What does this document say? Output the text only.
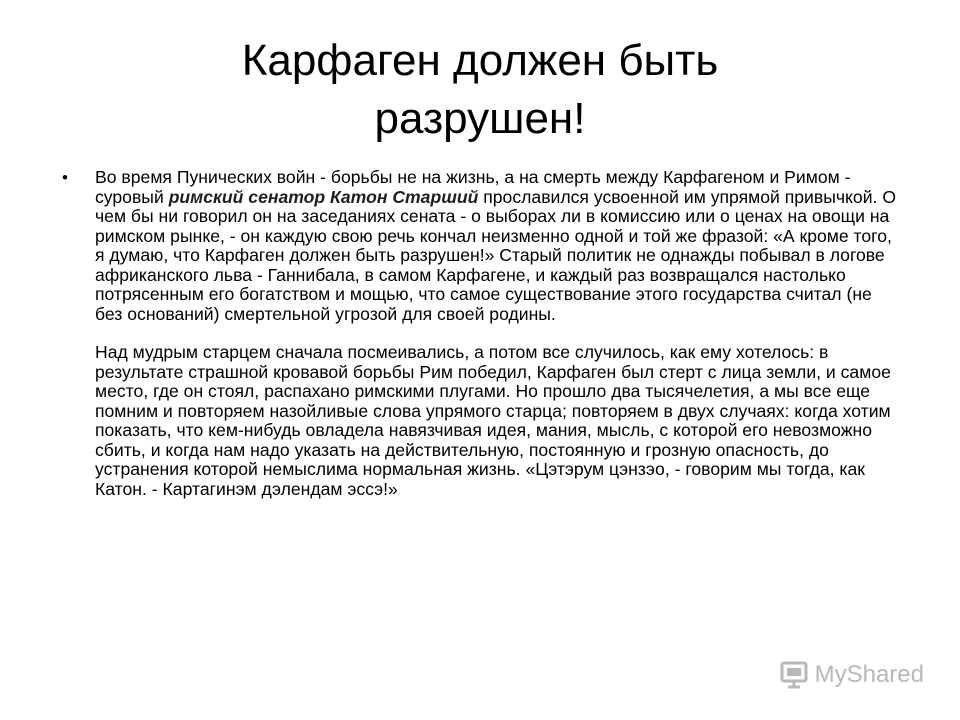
Карфаген должен быть
разрушен!
•	Во время Пунических войн - борьбы не на жизнь, а на смерть между Карфагеном и Римом - суровый римский сенатор Катон Старший прославился усвоенной им упрямой привычкой. О чем бы ни говорил он на заседаниях сената - о выборах ли в комиссию или о ценах на овощи на римском рынке, - он каждую свою речь кончал неизменно одной и той же фразой: «А кроме того, я думаю, что Карфаген должен быть разрушен!» Старый политик не однажды побывал в логове африканского льва - Ганнибала, в самом Карфагене, и каждый раз возвращался настолько потрясенным его богатством и мощью, что самое существование этого государства считал (не без оснований) смертельной угрозой для своей родины.

Над мудрым старцем сначала посмеивались, а потом все случилось, как ему хотелось: в результате страшной кровавой борьбы Рим победил, Карфаген был стерт с лица земли, и самое место, где он стоял, распахано римскими плугами. Но прошло два тысячелетия, а мы все еще помним и повторяем назойливые слова упрямого старца; повторяем в двух случаях: когда хотим показать, что кем-нибудь овладела навязчивая идея, мания, мысль, с которой его невозможно сбить, и когда нам надо указать на действительную, постоянную и грозную опасность, до устранения которой немыслима нормальная жизнь. «Цэтэрум цэнзэо, - говорим мы тогда, как Катон. - Картагинэм дэлендам эссэ!»

MyShared
